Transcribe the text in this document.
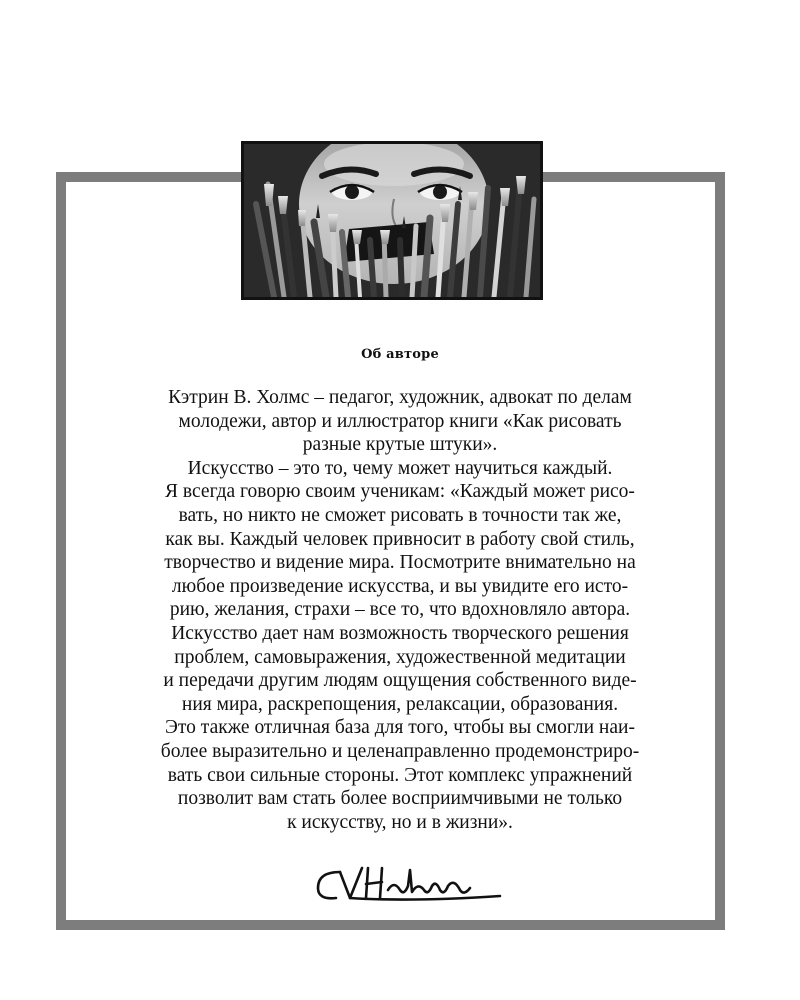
Об авторе
Кэтрин В. Холмс – педагог, художник, адвокат по делам
молодежи, автор и иллюстратор книги «Как рисовать
разные крутые штуки».
Искусство – это то, чему может научиться каждый.
Я всегда говорю своим ученикам: «Каждый может рисо-
вать, но никто не сможет рисовать в точности так же,
как вы. Каждый человек привносит в работу свой стиль,
творчество и видение мира. Посмотрите внимательно на
любое произведение искусства, и вы увидите его исто-
рию, желания, страхи – все то, что вдохновляло автора.
Искусство дает нам возможность творческого решения
проблем, самовыражения, художественной медитации
и передачи другим людям ощущения собственного виде-
ния мира, раскрепощения, релаксации, образования.
Это также отличная база для того, чтобы вы смогли наи-
более выразительно и целенаправленно продемонстриро-
вать свои сильные стороны. Этот комплекс упражнений
позволит вам стать более восприимчивыми не только
к искусству, но и в жизни».
